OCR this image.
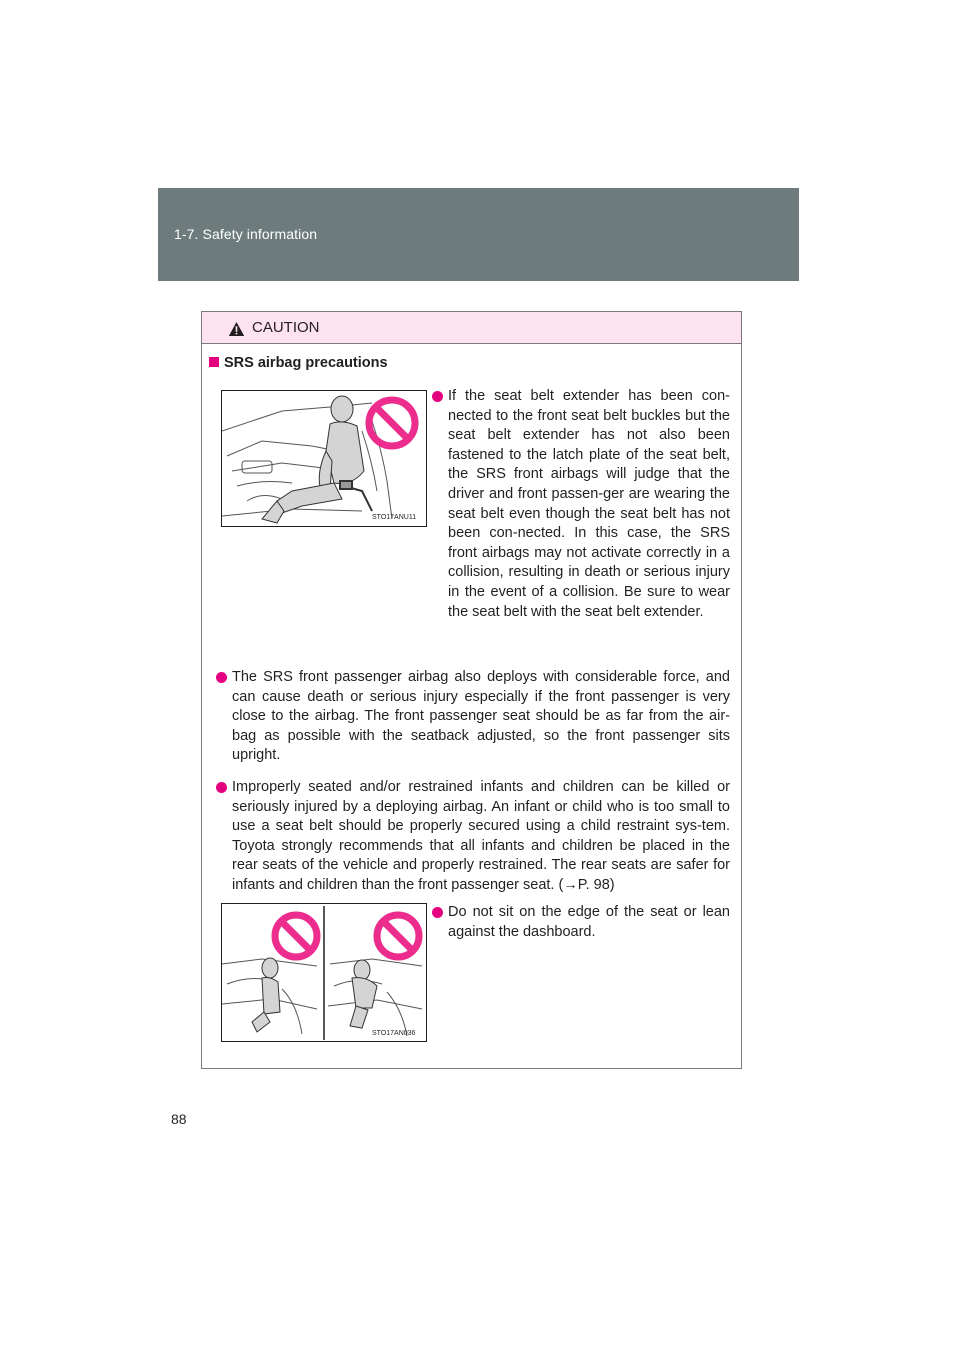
1-7. Safety information
CAUTION
SRS airbag precautions
STO17ANU11
If the seat belt extender has been con-nected to the front seat belt buckles but the seat belt extender has not also been fastened to the latch plate of the seat belt, the SRS front airbags will judge that the driver and front passen-ger are wearing the seat belt even though the seat belt has not been con-nected. In this case, the SRS front airbags may not activate correctly in a collision, resulting in death or serious injury in the event of a collision. Be sure to wear the seat belt with the seat belt extender.
The SRS front passenger airbag also deploys with considerable force, and can cause death or serious injury especially if the front passenger is very close to the airbag. The front passenger seat should be as far from the air-bag as possible with the seatback adjusted, so the front passenger sits upright.
Improperly seated and/or restrained infants and children can be killed or seriously injured by a deploying airbag. An infant or child who is too small to use a seat belt should be properly secured using a child restraint sys-tem. Toyota strongly recommends that all infants and children be placed in the rear seats of the vehicle and properly restrained. The rear seats are safer for infants and children than the front passenger seat. (→P. 98)
STO17AN036
Do not sit on the edge of the seat or lean against the dashboard.
88
